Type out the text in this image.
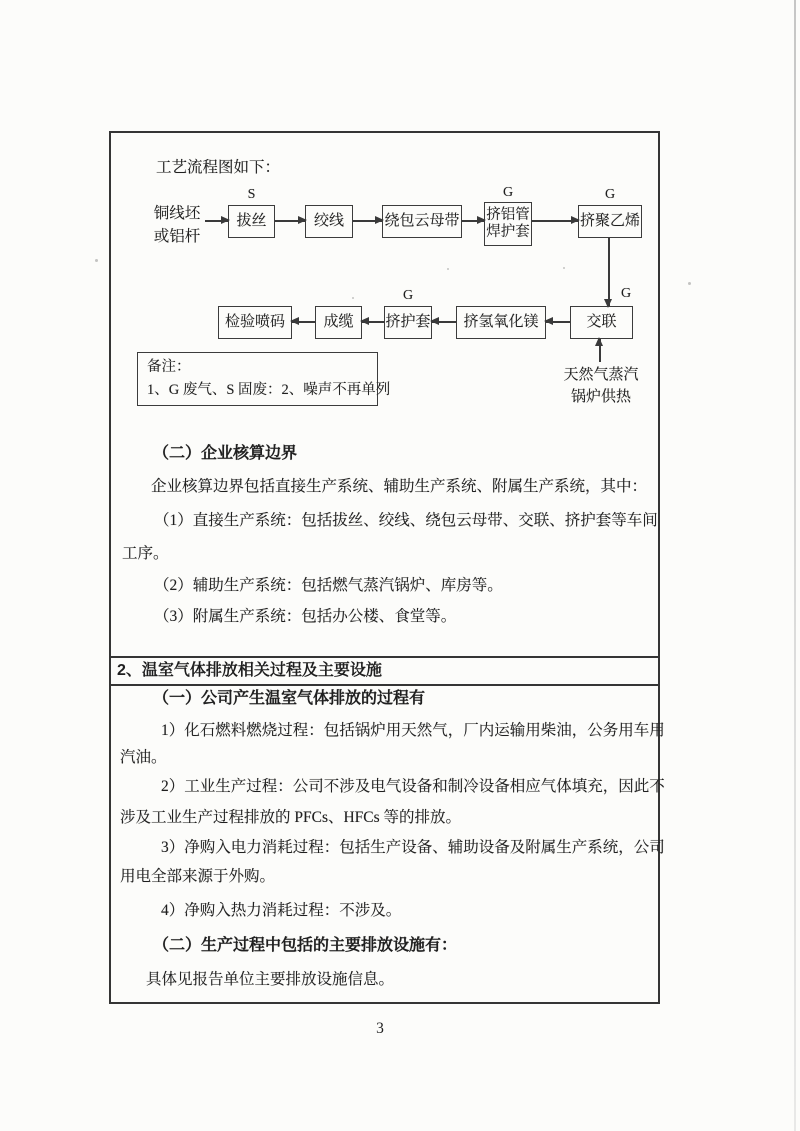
工艺流程图如下：
铜线坯
或铝杆
S	G	G
拔丝	绞线	绕包云母带 挤铝管
焊护套
挤聚乙烯
G
G
检验喷码	成缆	挤护套	挤氢氧化镁	交联
天然气蒸汽
锅炉供热
备注：
1、G 废气、S 固废：2、噪声不再单列
（二）企业核算边界
企业核算边界包括直接生产系统、辅助生产系统、附属生产系统，其中：
（1）直接生产系统：包括拔丝、绞线、绕包云母带、交联、挤护套等车间
工序。
（2）辅助生产系统：包括燃气蒸汽锅炉、库房等。
（3）附属生产系统：包括办公楼、食堂等。
2、温室气体排放相关过程及主要设施
（一）公司产生温室气体排放的过程有
1）化石燃料燃烧过程：包括锅炉用天然气，厂内运输用柴油，公务用车用
汽油。
2）工业生产过程：公司不涉及电气设备和制冷设备相应气体填充，因此不
涉及工业生产过程排放的 PFCs、HFCs 等的排放。
3）净购入电力消耗过程：包括生产设备、辅助设备及附属生产系统，公司
用电全部来源于外购。
4）净购入热力消耗过程：不涉及。
（二）生产过程中包括的主要排放设施有：
具体见报告单位主要排放设施信息。
3
